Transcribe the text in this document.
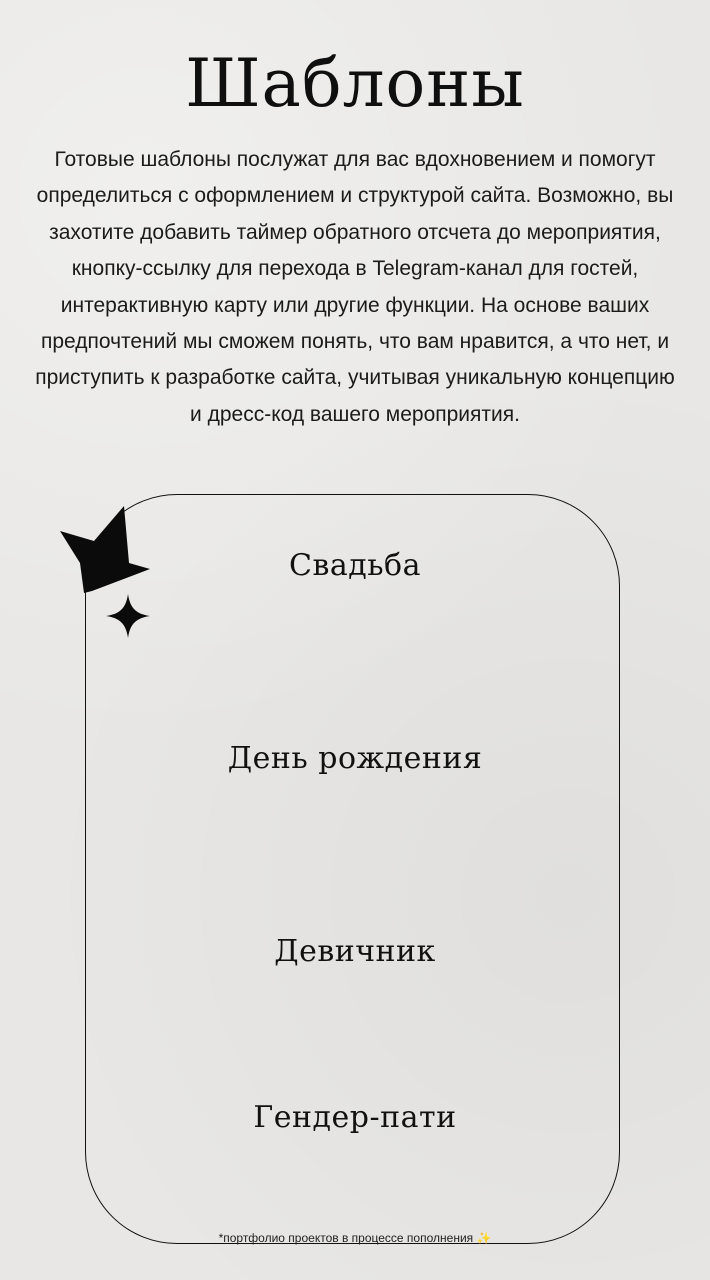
Шаблоны
Готовые шаблоны послужат для вас вдохновением и помогут определиться с оформлением и структурой сайта. Возможно, вы захотите добавить таймер обратного отсчета до мероприятия, кнопку-ссылку для перехода в Telegram-канал для гостей, интерактивную карту или другие функции. На основе ваших предпочтений мы сможем понять, что вам нравится, а что нет, и приступить к разработке сайта, учитывая уникальную концепцию и дресс-код вашего мероприятия.
Свадьба
День рождения
Девичник
Гендер-пати
*портфолио проектов в процессе пополнения ✨
